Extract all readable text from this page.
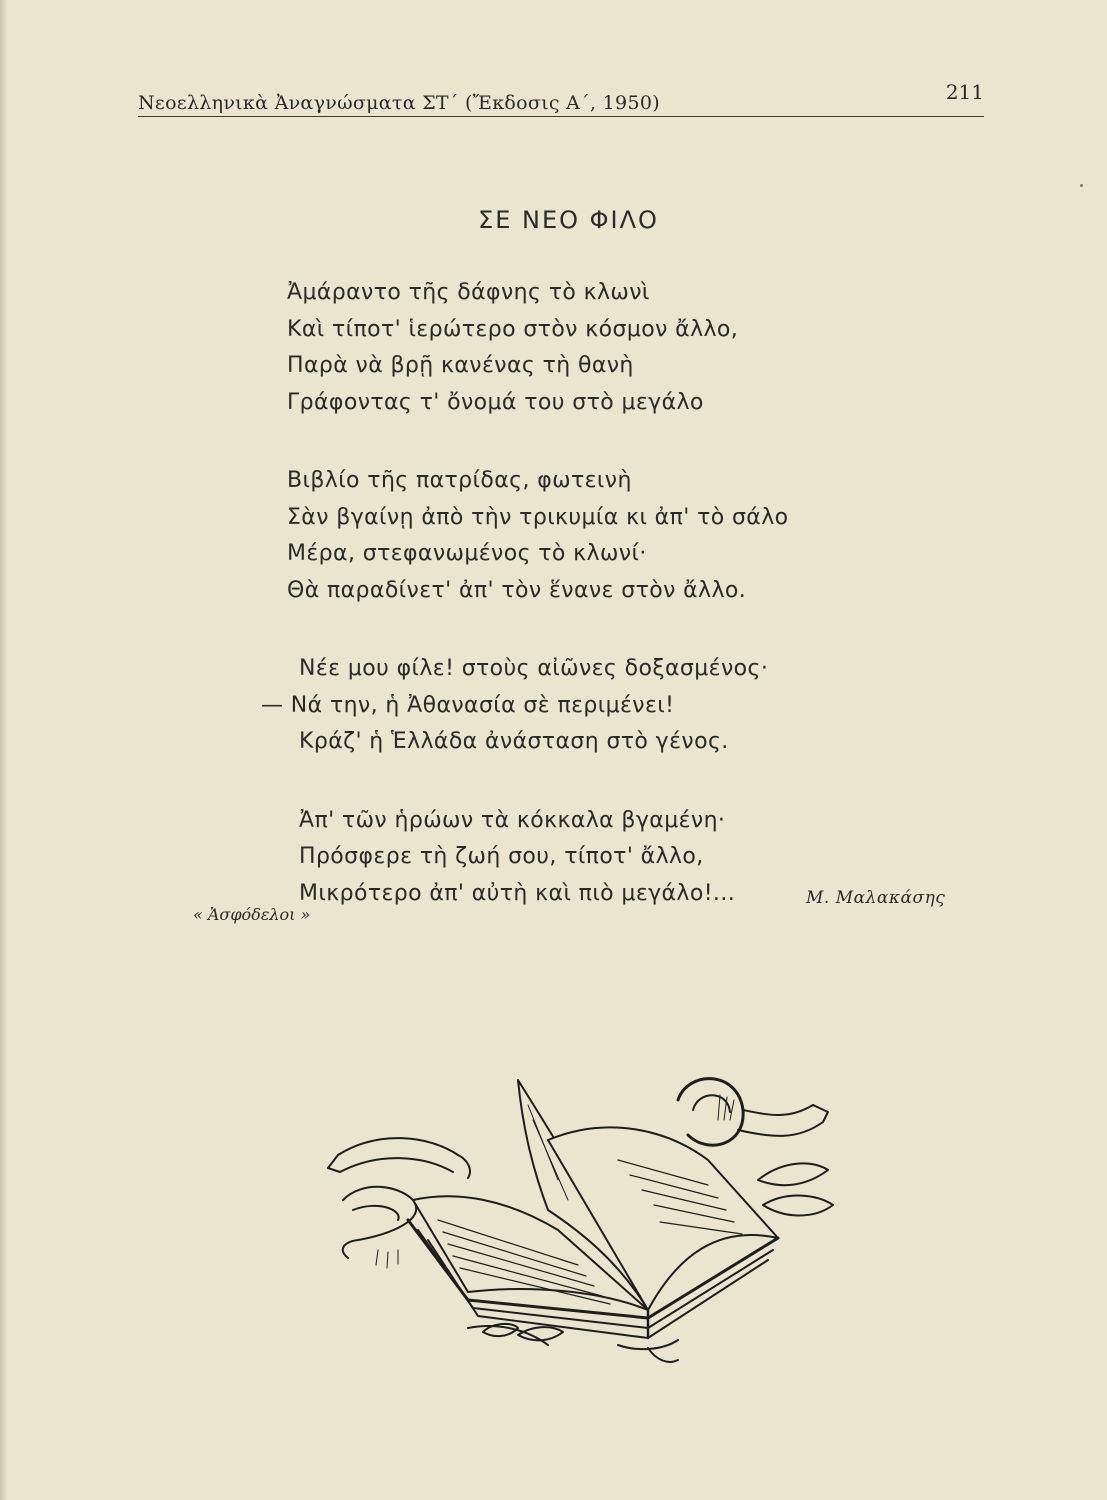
Νεοελληνικὰ Ἀναγνώσματα ΣΤ΄ (Ἔκδοσις Α΄, 1950)	211
ΣΕ ΝΕΟ ΦΙΛΟ
Ἀμάραντο τῆς δάφνης τὸ κλωνὶ
Καὶ τίποτ' ἱερώτερο στὸν κόσμον ἄλλο,
Παρὰ νὰ βρῇ κανένας τὴ θανὴ
Γράφοντας τ' ὄνομά του στὸ μεγάλο
Βιβλίο τῆς πατρίδας, φωτεινὴ
Σὰν βγαίνῃ ἀπὸ τὴν τρικυμία κι ἀπ' τὸ σάλο
Μέρα, στεφανωμένος τὸ κλωνί·
Θὰ παραδίνετ' ἀπ' τὸν ἕνανε στὸν ἄλλο.
Νέε μου φίλε! στοὺς αἰῶνες δοξασμένος·
— Νά την, ἡ Ἀθανασία σὲ περιμένει!
Κράζ' ἡ Ἑλλάδα ἀνάσταση στὸ γένος.
Ἀπ' τῶν ἡρώων τὰ κόκκαλα βγαμένη·
Πρόσφερε τὴ ζωή σου, τίποτ' ἄλλο,
Μικρότερο ἀπ' αὐτὴ καὶ πιὸ μεγάλο!...
« Ἀσφόδελοι »
Μ. Μαλακάσης
